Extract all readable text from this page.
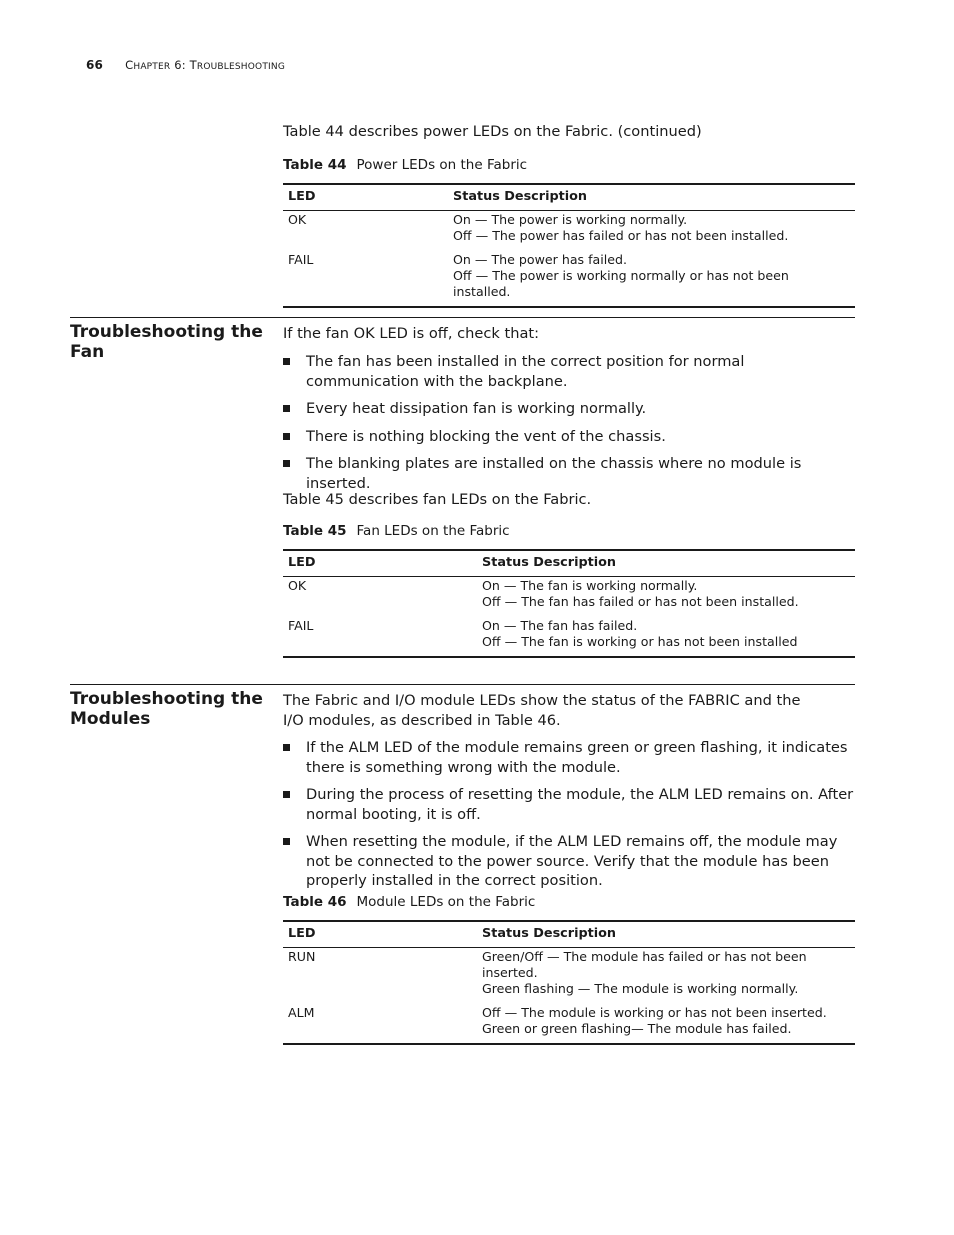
66 CHAPTER 6: TROUBLESHOOTING
Table 44 describes power LEDs on the Fabric. (continued)
Table 44 Power LEDs on the Fabric
LED	Status Description
OK	On — The power is working normally.
Off — The power has failed or has not been installed.

FAIL	On — The power has failed.
Off — The power is working normally or has not been installed.
Troubleshooting the Fan
If the fan OK LED is off, check that:
The fan has been installed in the correct position for normal communication with the backplane.
Every heat dissipation fan is working normally.
There is nothing blocking the vent of the chassis.
The blanking plates are installed on the chassis where no module is inserted.
Table 45 describes fan LEDs on the Fabric.
Table 45 Fan LEDs on the Fabric
LED	Status Description
OK	On — The fan is working normally.
Off — The fan has failed or has not been installed.

FAIL	On — The fan has failed.
Off — The fan is working or has not been installed
Troubleshooting the Modules
The Fabric and I/O module LEDs show the status of the FABRIC and the I/O modules, as described in Table 46.
If the ALM LED of the module remains green or green flashing, it indicates there is something wrong with the module.
During the process of resetting the module, the ALM LED remains on. After normal booting, it is off.
When resetting the module, if the ALM LED remains off, the module may not be connected to the power source. Verify that the module has been properly installed in the correct position.
Table 46 Module LEDs on the Fabric
LED	Status Description
RUN	Green/Off — The module has failed or has not been inserted.
Green flashing — The module is working normally.

ALM	Off — The module is working or has not been inserted.
Green or green flashing— The module has failed.
